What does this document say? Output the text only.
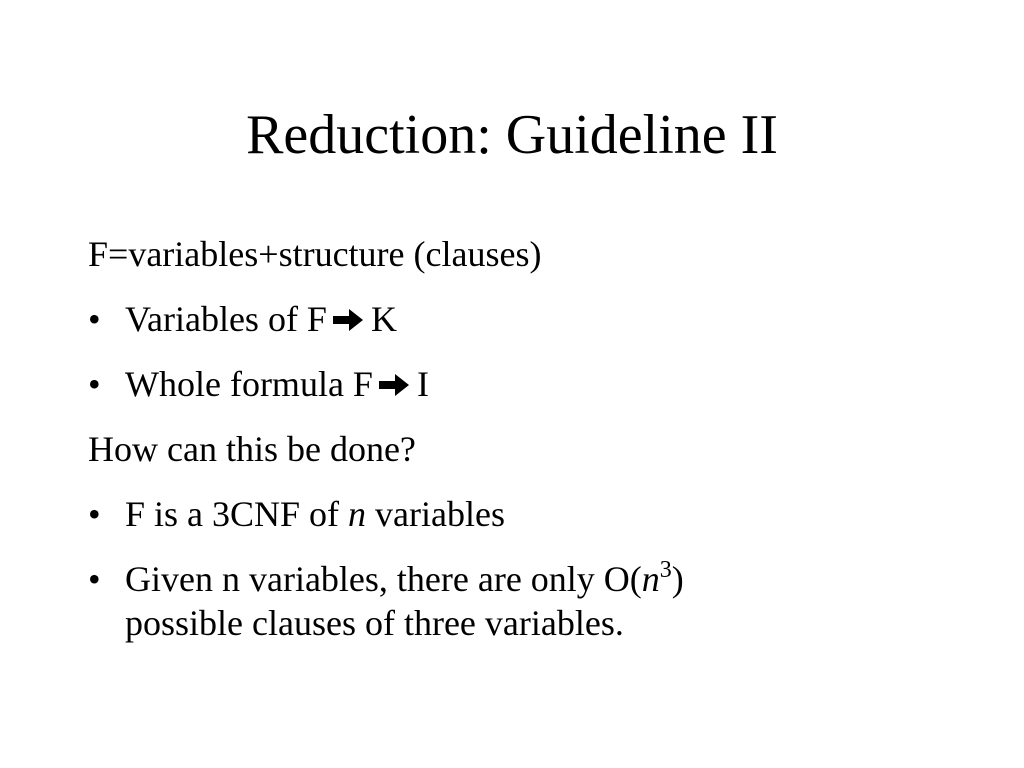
Reduction: Guideline II

F=variables+structure (clauses)

• Variables of F K

• Whole formula F I

How can this be done?

• F is a 3CNF of n variables

• Given n variables, there are only $O(n^3)$
possible clauses of three variables.
